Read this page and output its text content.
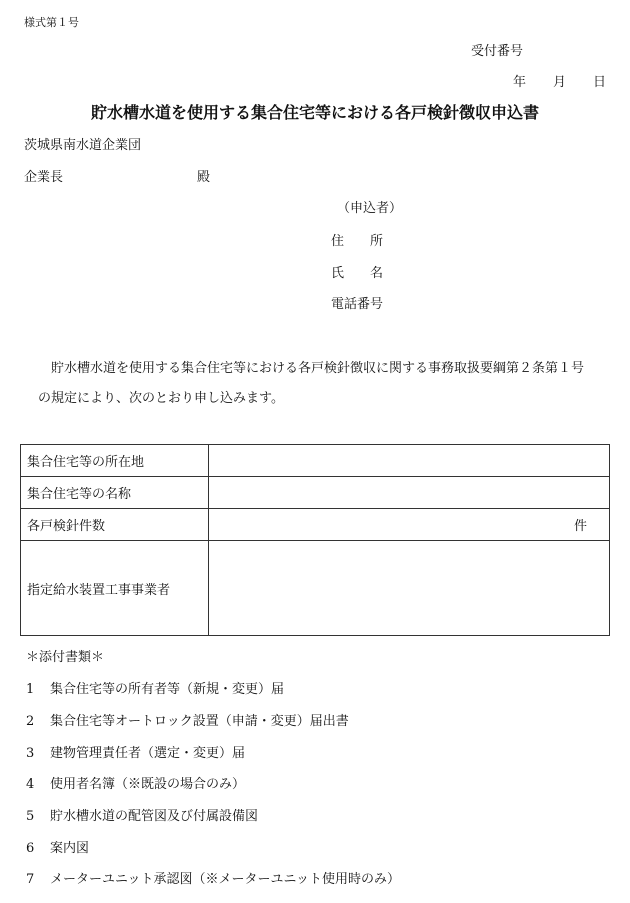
様式第１号
受付番号
年 月 日
貯水槽水道を使用する集合住宅等における各戸検針徴収申込書
茨城県南水道企業団
企業長	殿
（申込者）
住　　所
氏　　名
電話番号

貯水槽水道を使用する集合住宅等における各戸検針徴収に関する事務取扱要綱第２条第１号

の規定により、次のとおり申し込みます。

集合住宅等の所在地	
集合住宅等の名称	
各戸検針件数	件
指定給水装置工事事業者	
＊添付書類＊
1 集合住宅等の所有者等（新規・変更）届
2 集合住宅等オートロック設置（申請・変更）届出書
3 建物管理責任者（選定・変更）届
4 使用者名簿（※既設の場合のみ）
5 貯水槽水道の配管図及び付属設備図
6 案内図
7 メーターユニット承認図（※メーターユニット使用時のみ）
